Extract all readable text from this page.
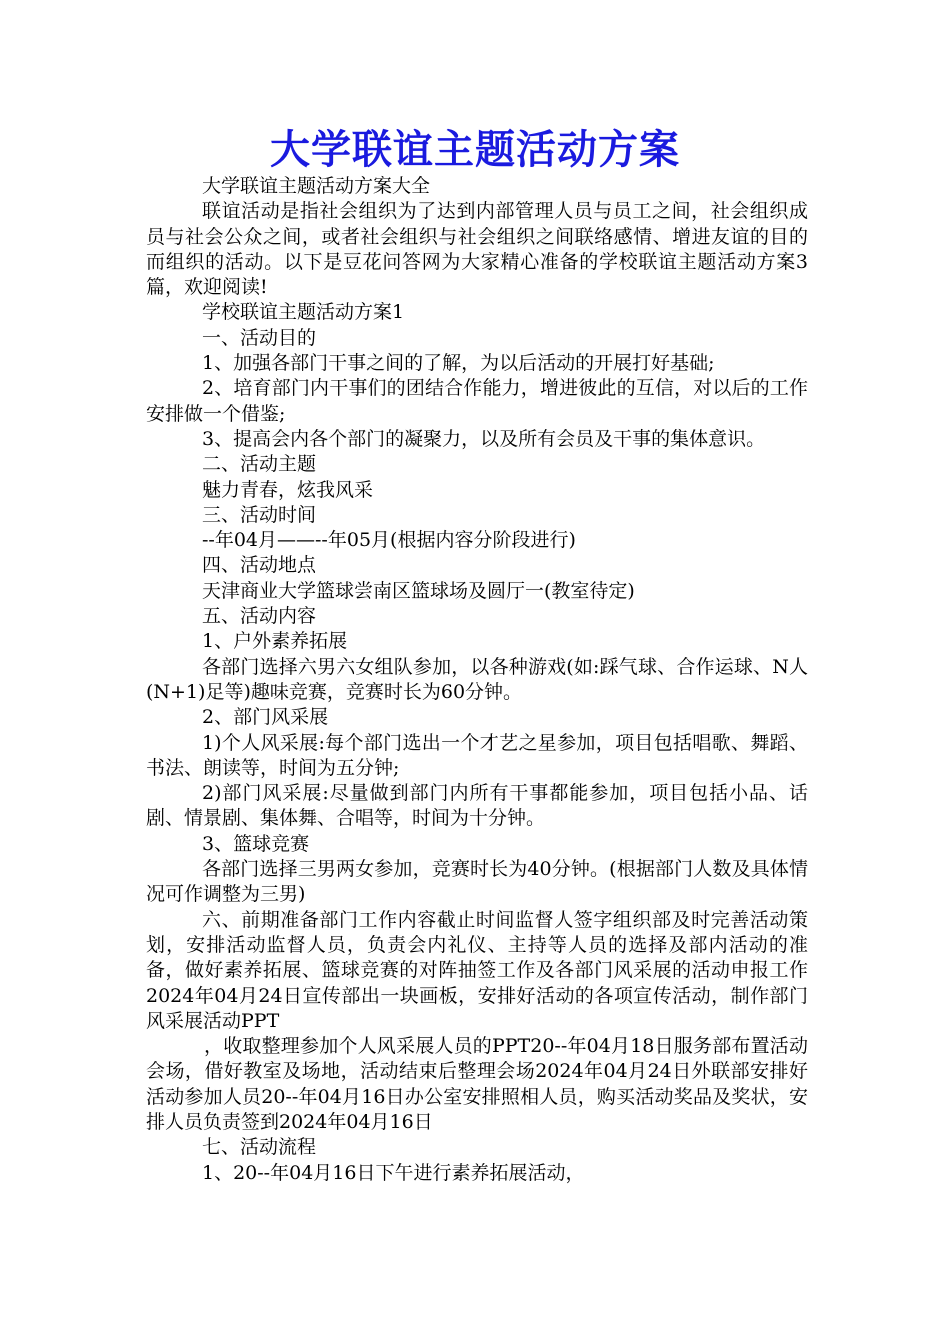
大学联谊主题活动方案

大学联谊主题活动方案大全

联谊活动是指社会组织为了达到内部管理人员与员工之间，社会组织成员与社会公众之间，或者社会组织与社会组织之间联络感情、增进友谊的目的而组织的活动。以下是豆花问答网为大家精心准备的学校联谊主题活动方案3篇，欢迎阅读!

学校联谊主题活动方案1

一、活动目的

1、加强各部门干事之间的了解，为以后活动的开展打好基础;

2、培育部门内干事们的团结合作能力，增进彼此的互信，对以后的工作安排做一个借鉴;

3、提高会内各个部门的凝聚力，以及所有会员及干事的集体意识。

二、活动主题

魅力青春，炫我风采

三、活动时间

--年04月——--年05月(根据内容分阶段进行)

四、活动地点

天津商业大学篮球尝南区篮球场及圆厅一(教室待定)

五、活动内容

1、户外素养拓展

各部门选择六男六女组队参加，以各种游戏(如:踩气球、合作运球、N人(N+1)足等)趣味竞赛，竞赛时长为60分钟。

2、部门风采展

1)个人风采展:每个部门选出一个才艺之星参加，项目包括唱歌、舞蹈、书法、朗读等，时间为五分钟;

2)部门风采展:尽量做到部门内所有干事都能参加，项目包括小品、话剧、情景剧、集体舞、合唱等，时间为十分钟。

3、篮球竞赛

各部门选择三男两女参加，竞赛时长为40分钟。(根据部门人数及具体情况可作调整为三男)

六、前期准备部门工作内容截止时间监督人签字组织部及时完善活动策划，安排活动监督人员，负责会内礼仪、主持等人员的选择及部内活动的准备，做好素养拓展、篮球竞赛的对阵抽签工作及各部门风采展的活动申报工作2024年04月24日宣传部出一块画板，安排好活动的各项宣传活动，制作部门风采展活动PPT

，收取整理参加个人风采展人员的PPT20--年04月18日服务部布置活动会场，借好教室及场地，活动结束后整理会场2024年04月24日外联部安排好活动参加人员20--年04月16日办公室安排照相人员，购买活动奖品及奖状，安排人员负责签到2024年04月16日

七、活动流程

1、20--年04月16日下午进行素养拓展活动，
